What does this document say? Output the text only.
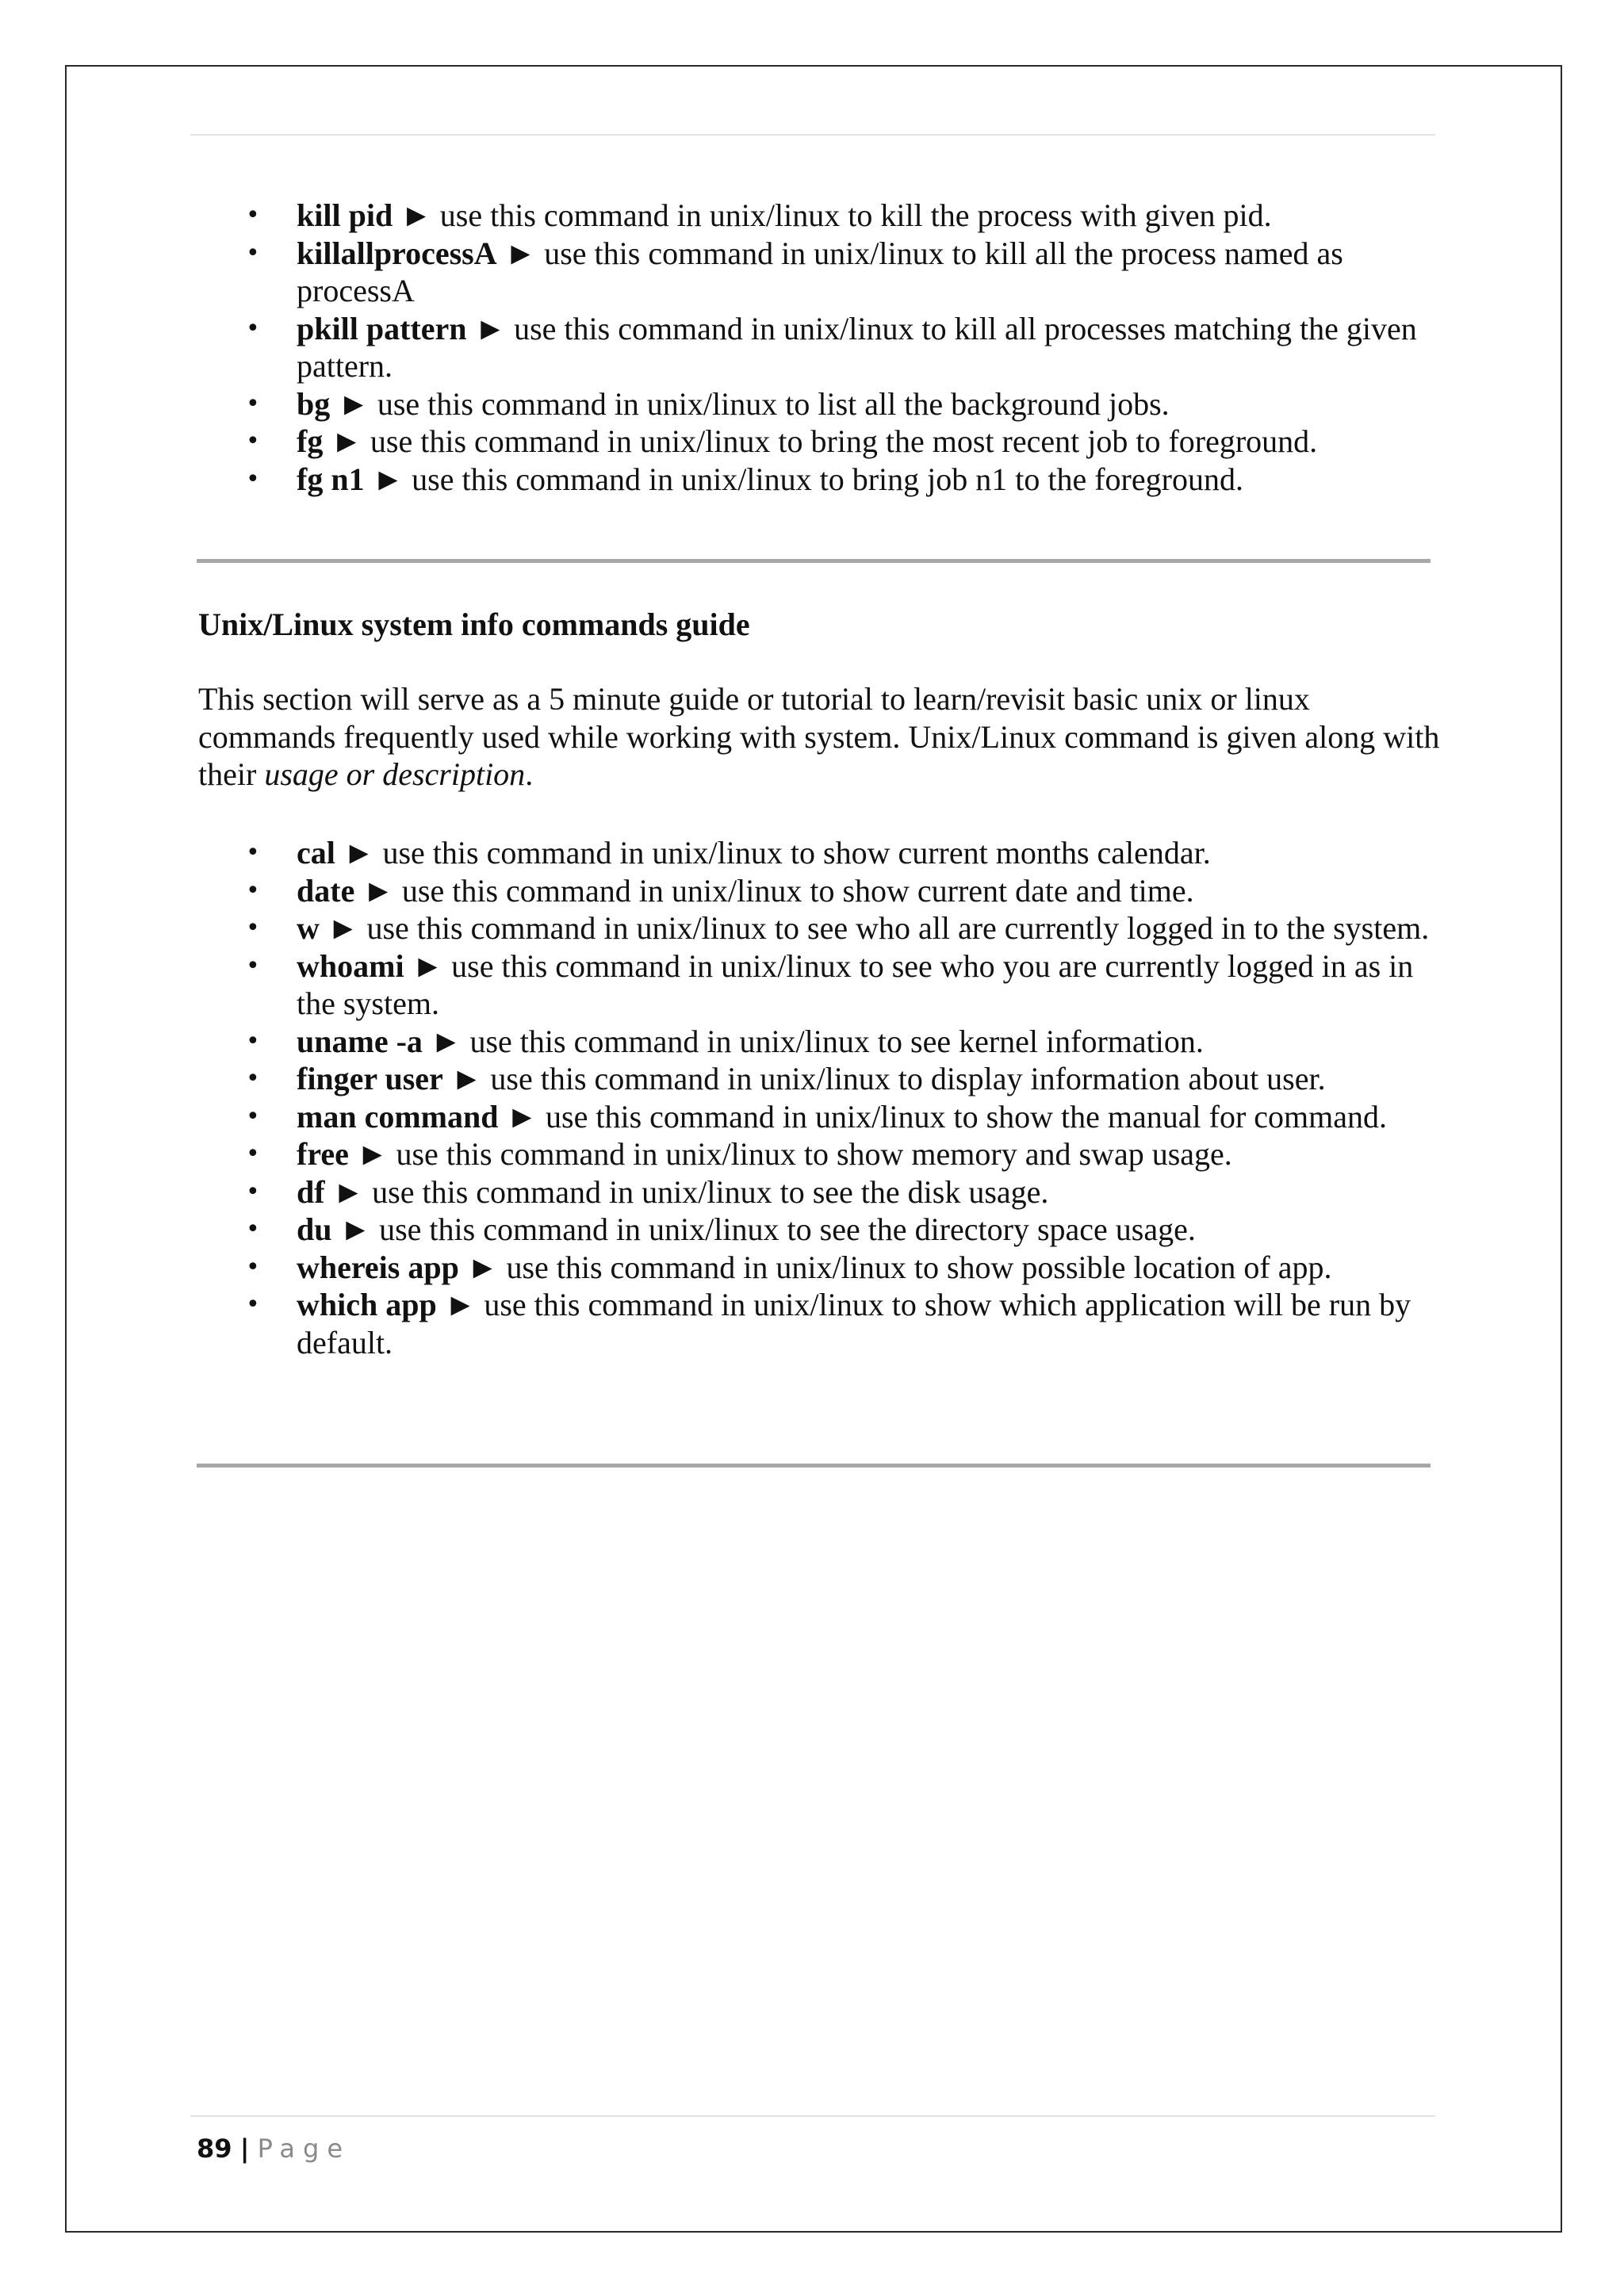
• kill pid ► use this command in unix/linux to kill the process with given pid.
• killallprocessA ► use this command in unix/linux to kill all the process named as processA
• pkill pattern ► use this command in unix/linux to kill all processes matching the given pattern.
• bg ► use this command in unix/linux to list all the background jobs.
• fg ► use this command in unix/linux to bring the most recent job to foreground.
• fg n1 ► use this command in unix/linux to bring job n1 to the foreground.
Unix/Linux system info commands guide

This section will serve as a 5 minute guide or tutorial to learn/revisit basic unix or linux commands frequently used while working with system. Unix/Linux command is given along with their usage or description.

• cal ► use this command in unix/linux to show current months calendar.
• date ► use this command in unix/linux to show current date and time.
• w ► use this command in unix/linux to see who all are currently logged in to the system.
• whoami ► use this command in unix/linux to see who you are currently logged in as in the system.
• uname -a ► use this command in unix/linux to see kernel information.
• finger user ► use this command in unix/linux to display information about user.
• man command ► use this command in unix/linux to show the manual for command.
• free ► use this command in unix/linux to show memory and swap usage.
• df ► use this command in unix/linux to see the disk usage.
• du ► use this command in unix/linux to see the directory space usage.
• whereis app ► use this command in unix/linux to show possible location of app.
• which app ► use this command in unix/linux to show which application will be run by default.
89 | Page
